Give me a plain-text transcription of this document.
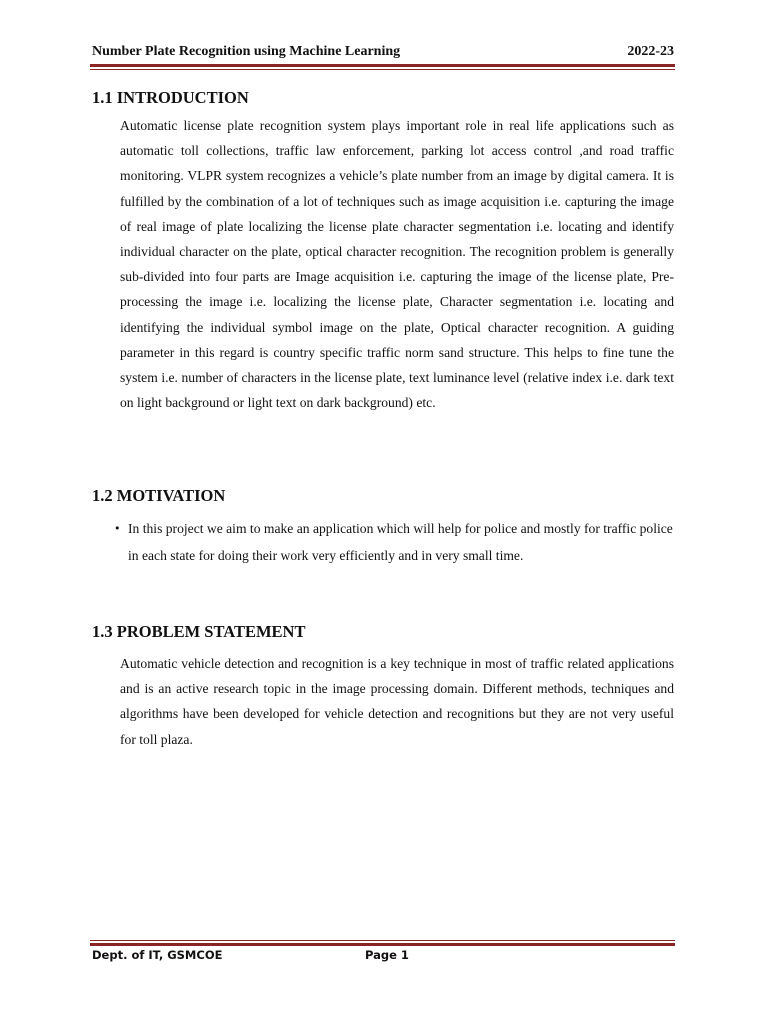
Number Plate Recognition using Machine Learning	2022-23
1.1 INTRODUCTION

Automatic license plate recognition system plays important role in real life applications such as automatic toll collections, traffic law enforcement, parking lot access control ,and road traffic monitoring. VLPR system recognizes a vehicle’s plate number from an image by digital camera. It is fulfilled by the combination of a lot of techniques such as image acquisition i.e. capturing the image of real image of plate localizing the license plate character segmentation i.e. locating and identify individual character on the plate, optical character recognition. The recognition problem is generally sub-divided into four parts are Image acquisition i.e. capturing the image of the license plate, Pre-processing the image i.e. localizing the license plate, Character segmentation i.e. locating and identifying the individual symbol image on the plate, Optical character recognition. A guiding parameter in this regard is country specific traffic norm sand structure. This helps to fine tune the system i.e. number of characters in the license plate, text luminance level (relative index i.e. dark text on light background or light text on dark background) etc.

1.2 MOTIVATION
• In this project we aim to make an application which will help for police and mostly for traffic police in each state for doing their work very efficiently and in very small time.

1.3 PROBLEM STATEMENT

Automatic vehicle detection and recognition is a key technique in most of traffic related applications and is an active research topic in the image processing domain. Different methods, techniques and algorithms have been developed for vehicle detection and recognitions but they are not very useful for toll plaza.

Dept. of IT, GSMCOE	Page 1
